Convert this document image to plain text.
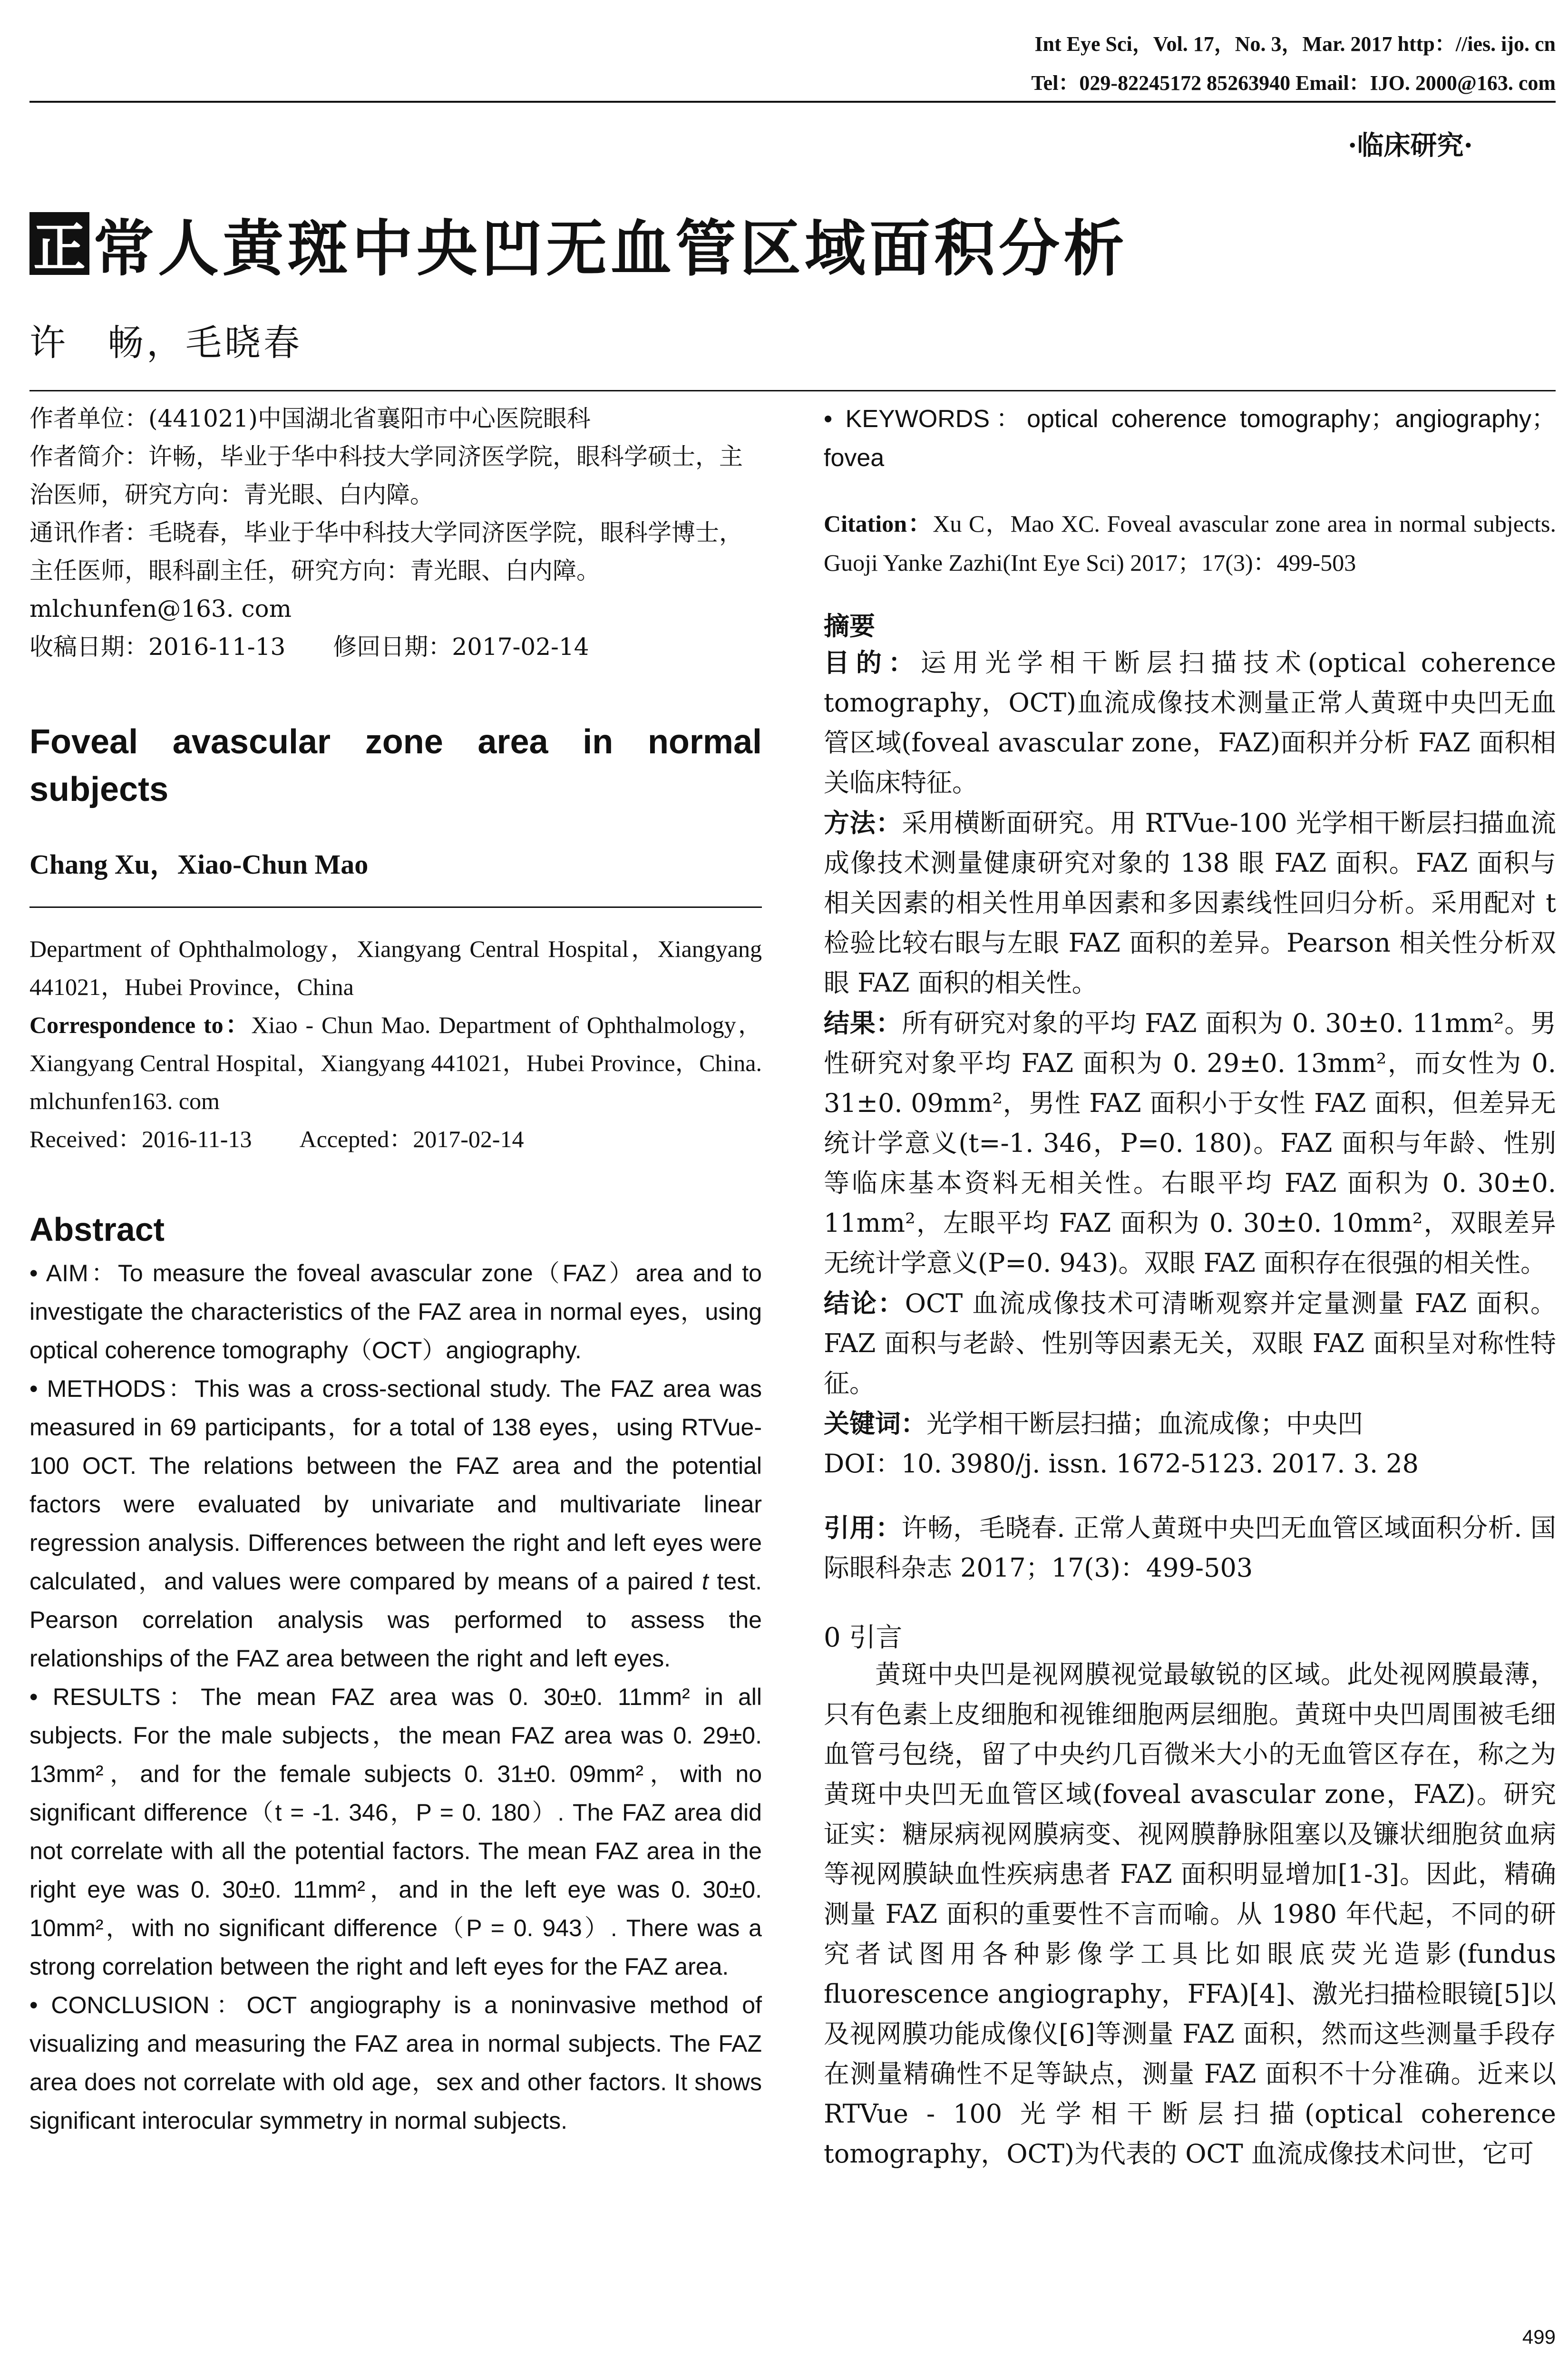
Int Eye Sci，Vol. 17，No. 3，Mar. 2017 http：//ies. ijo. cn
Tel：029-82245172 85263940 Email：IJO. 2000@163. com
·临床研究·
正 常人黄斑中央凹无血管区域面积分析
许　畅，毛晓春

作者单位：(441021)中国湖北省襄阳市中心医院眼科

作者简介：许畅，毕业于华中科技大学同济医学院，眼科学硕士，主治医师，研究方向：青光眼、白内障。

通讯作者：毛晓春，毕业于华中科技大学同济医学院，眼科学博士，主任医师，眼科副主任，研究方向：青光眼、白内障。mlchunfen@163. com

收稿日期：2016-11-13　　修回日期：2017-02-14

Foveal avascular zone area in normal subjects
Chang Xu，Xiao-Chun Mao

Department of Ophthalmology，Xiangyang Central Hospital，Xiangyang 441021，Hubei Province，China

Correspondence to：Xiao - Chun Mao. Department of Ophthalmology，Xiangyang Central Hospital，Xiangyang 441021，Hubei Province，China. mlchunfen163. com

Received：2016-11-13　　Accepted：2017-02-14

Abstract

• AIM：To measure the foveal avascular zone（FAZ）area and to investigate the characteristics of the FAZ area in normal eyes，using optical coherence tomography（OCT）angiography.

• METHODS：This was a cross-sectional study. The FAZ area was measured in 69 participants，for a total of 138 eyes，using RTVue-100 OCT. The relations between the FAZ area and the potential factors were evaluated by univariate and multivariate linear regression analysis. Differences between the right and left eyes were calculated，and values were compared by means of a paired t test. Pearson correlation analysis was performed to assess the relationships of the FAZ area between the right and left eyes.

• RESULTS：The mean FAZ area was 0. 30±0. 11mm² in all subjects. For the male subjects，the mean FAZ area was 0. 29±0. 13mm²，and for the female subjects 0. 31±0. 09mm²，with no significant difference（t = -1. 346，P = 0. 180）. The FAZ area did not correlate with all the potential factors. The mean FAZ area in the right eye was 0. 30±0. 11mm²，and in the left eye was 0. 30±0. 10mm²，with no significant difference（P = 0. 943）. There was a strong correlation between the right and left eyes for the FAZ area.

• CONCLUSION：OCT angiography is a noninvasive method of visualizing and measuring the FAZ area in normal subjects. The FAZ area does not correlate with old age，sex and other factors. It shows significant interocular symmetry in normal subjects.

• KEYWORDS：optical coherence tomography；angiography；fovea
Citation：Xu C，Mao XC. Foveal avascular zone area in normal subjects. Guoji Yanke Zazhi(Int Eye Sci) 2017；17(3)：499-503
摘要

目的：运用光学相干断层扫描技术(optical coherence tomography，OCT)血流成像技术测量正常人黄斑中央凹无血管区域(foveal avascular zone，FAZ)面积并分析 FAZ 面积相关临床特征。

方法：采用横断面研究。用 RTVue-100 光学相干断层扫描血流成像技术测量健康研究对象的 138 眼 FAZ 面积。FAZ 面积与相关因素的相关性用单因素和多因素线性回归分析。采用配对 t 检验比较右眼与左眼 FAZ 面积的差异。Pearson 相关性分析双眼 FAZ 面积的相关性。

结果：所有研究对象的平均 FAZ 面积为 0. 30±0. 11mm²。男性研究对象平均 FAZ 面积为 0. 29±0. 13mm²，而女性为 0. 31±0. 09mm²，男性 FAZ 面积小于女性 FAZ 面积，但差异无统计学意义(t=-1. 346，P=0. 180)。FAZ 面积与年龄、性别等临床基本资料无相关性。右眼平均 FAZ 面积为 0. 30±0. 11mm²，左眼平均 FAZ 面积为 0. 30±0. 10mm²，双眼差异无统计学意义(P=0. 943)。双眼 FAZ 面积存在很强的相关性。

结论：OCT 血流成像技术可清晰观察并定量测量 FAZ 面积。FAZ 面积与老龄、性别等因素无关，双眼 FAZ 面积呈对称性特征。

关键词：光学相干断层扫描；血流成像；中央凹

DOI：10. 3980/j. issn. 1672-5123. 2017. 3. 28

引用：许畅，毛晓春. 正常人黄斑中央凹无血管区域面积分析. 国际眼科杂志 2017；17(3)：499-503

0 引言

黄斑中央凹是视网膜视觉最敏锐的区域。此处视网膜最薄，只有色素上皮细胞和视锥细胞两层细胞。黄斑中央凹周围被毛细血管弓包绕，留了中央约几百微米大小的无血管区存在，称之为黄斑中央凹无血管区域(foveal avascular zone，FAZ)。研究证实：糖尿病视网膜病变、视网膜静脉阻塞以及镰状细胞贫血病等视网膜缺血性疾病患者 FAZ 面积明显增加[1-3]。因此，精确测量 FAZ 面积的重要性不言而喻。从 1980 年代起，不同的研究者试图用各种影像学工具比如眼底荧光造影(fundus fluorescence angiography，FFA)[4]、激光扫描检眼镜[5]以及视网膜功能成像仪[6]等测量 FAZ 面积，然而这些测量手段存在测量精确性不足等缺点，测量 FAZ 面积不十分准确。近来以 RTVue - 100 光学相干断层扫描(optical coherence tomography，OCT)为代表的 OCT 血流成像技术问世，它可

499
